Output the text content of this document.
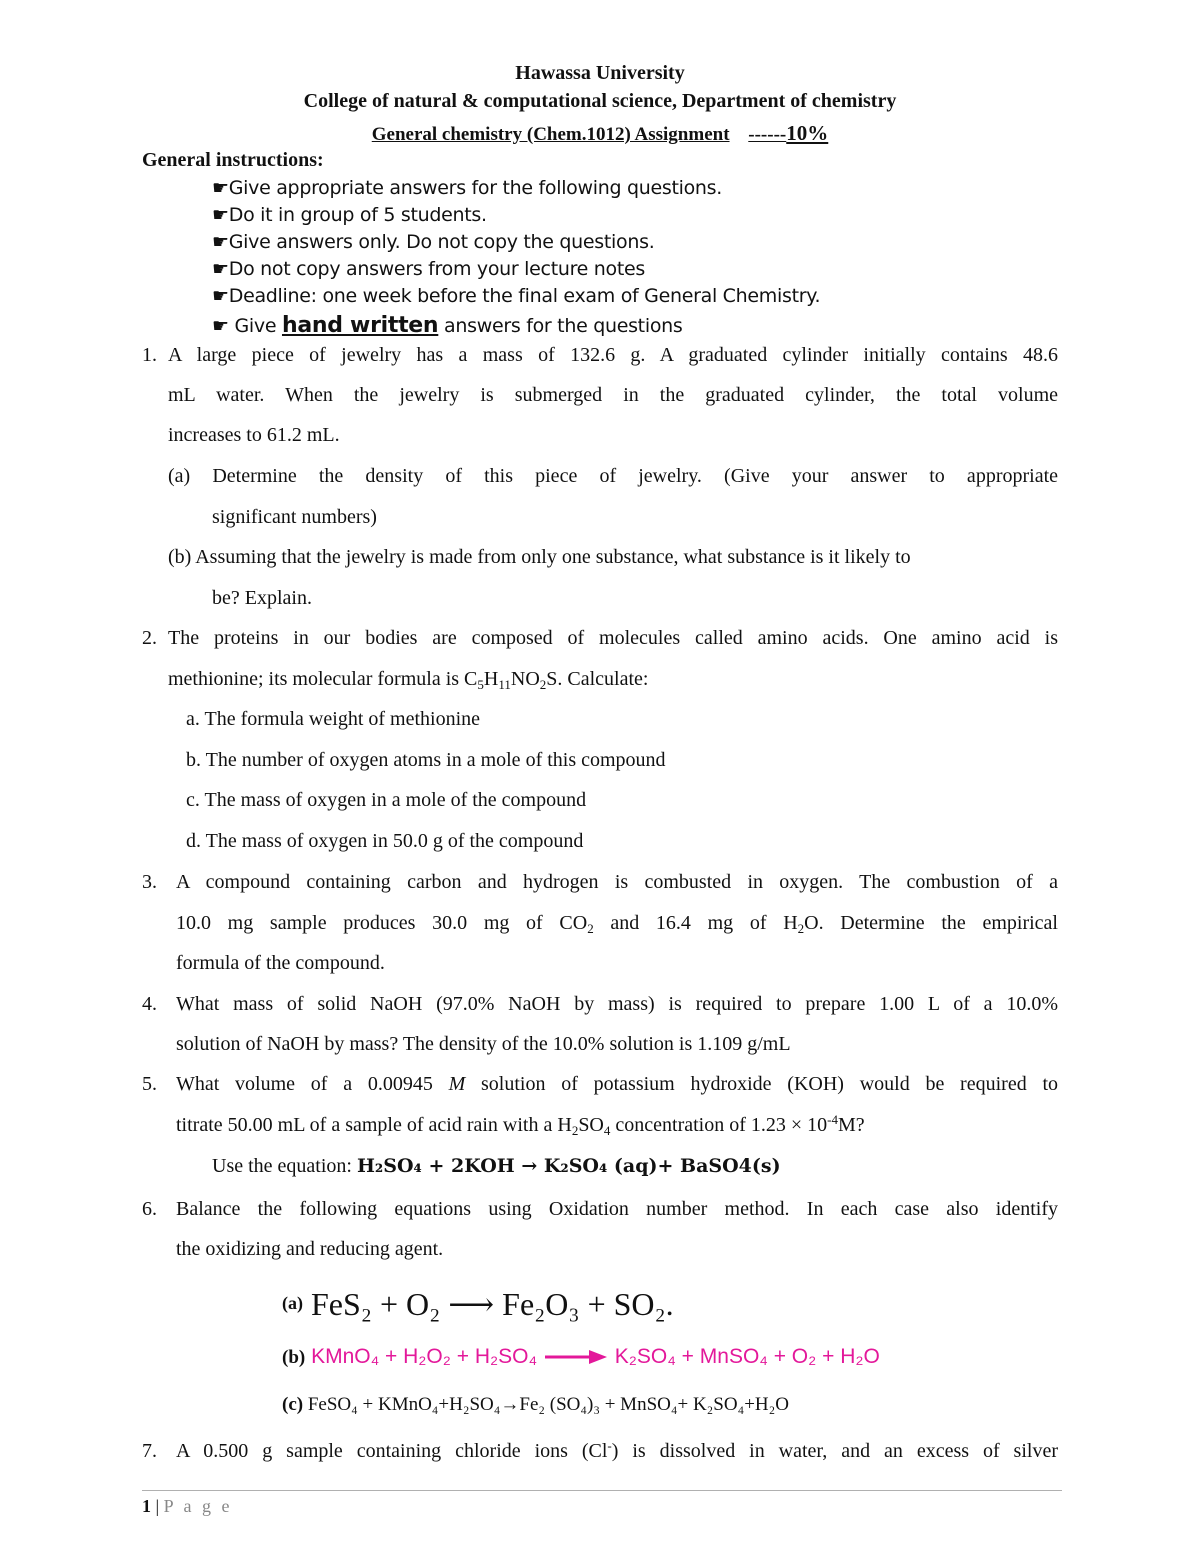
Hawassa University
College of natural & computational science, Department of chemistry
General chemistry (Chem.1012) Assignment ------10%
General instructions:
☛Give appropriate answers for the following questions.
☛Do it in group of 5 students.
☛Give answers only. Do not copy the questions.
☛Do not copy answers from your lecture notes
☛Deadline: one week before the final exam of General Chemistry.
☛ Give hand written answers for the questions
1. A large piece of jewelry has a mass of 132.6 g. A graduated cylinder initially contains 48.6
mL water. When the jewelry is submerged in the graduated cylinder, the total volume
increases to 61.2 mL.
(a) Determine the density of this piece of jewelry. (Give your answer to appropriate
significant numbers)
(b) Assuming that the jewelry is made from only one substance, what substance is it likely to
be? Explain.
2. The proteins in our bodies are composed of molecules called amino acids. One amino acid is
methionine; its molecular formula is $C_5H_{11}NO_2S$. Calculate:
a. The formula weight of methionine
b. The number of oxygen atoms in a mole of this compound
c. The mass of oxygen in a mole of the compound
d. The mass of oxygen in 50.0 g of the compound
3. A compound containing carbon and hydrogen is combusted in oxygen. The combustion of a
10.0 mg sample produces 30.0 mg of $CO_2$ and 16.4 mg of $H_2O$. Determine the empirical
formula of the compound.
4. What mass of solid NaOH (97.0% NaOH by mass) is required to prepare 1.00 L of a 10.0%
solution of NaOH by mass? The density of the 10.0% solution is 1.109 g/mL
5. What volume of a 0.00945 M solution of potassium hydroxide (KOH) would be required to
titrate 50.00 mL of a sample of acid rain with a $H_2SO_4$ concentration of $1.23 \times 10^{-4}M$?
Use the equation: H₂SO₄ + 2KOH → K₂SO₄ (aq)+ BaSO4(s)
6. Balance the following equations using Oxidation number method. In each case also identify
the oxidizing and reducing agent.
(a) FeS₂ + O₂ ⟶ Fe₂O₃ + SO₂.
(b) KMnO₄ + H₂O₂ + H₂SO₄ → K₂SO₄ + MnSO₄ + O₂ + H₂O
(c) FeSO₄ + KMnO₄+H₂SO₄→Fe₂ (SO₄)₃ + MnSO₄+ K₂SO₄+H₂O
7. A 0.500 g sample containing chloride ions (Cl-) is dissolved in water, and an excess of silver
1 | P a g e
